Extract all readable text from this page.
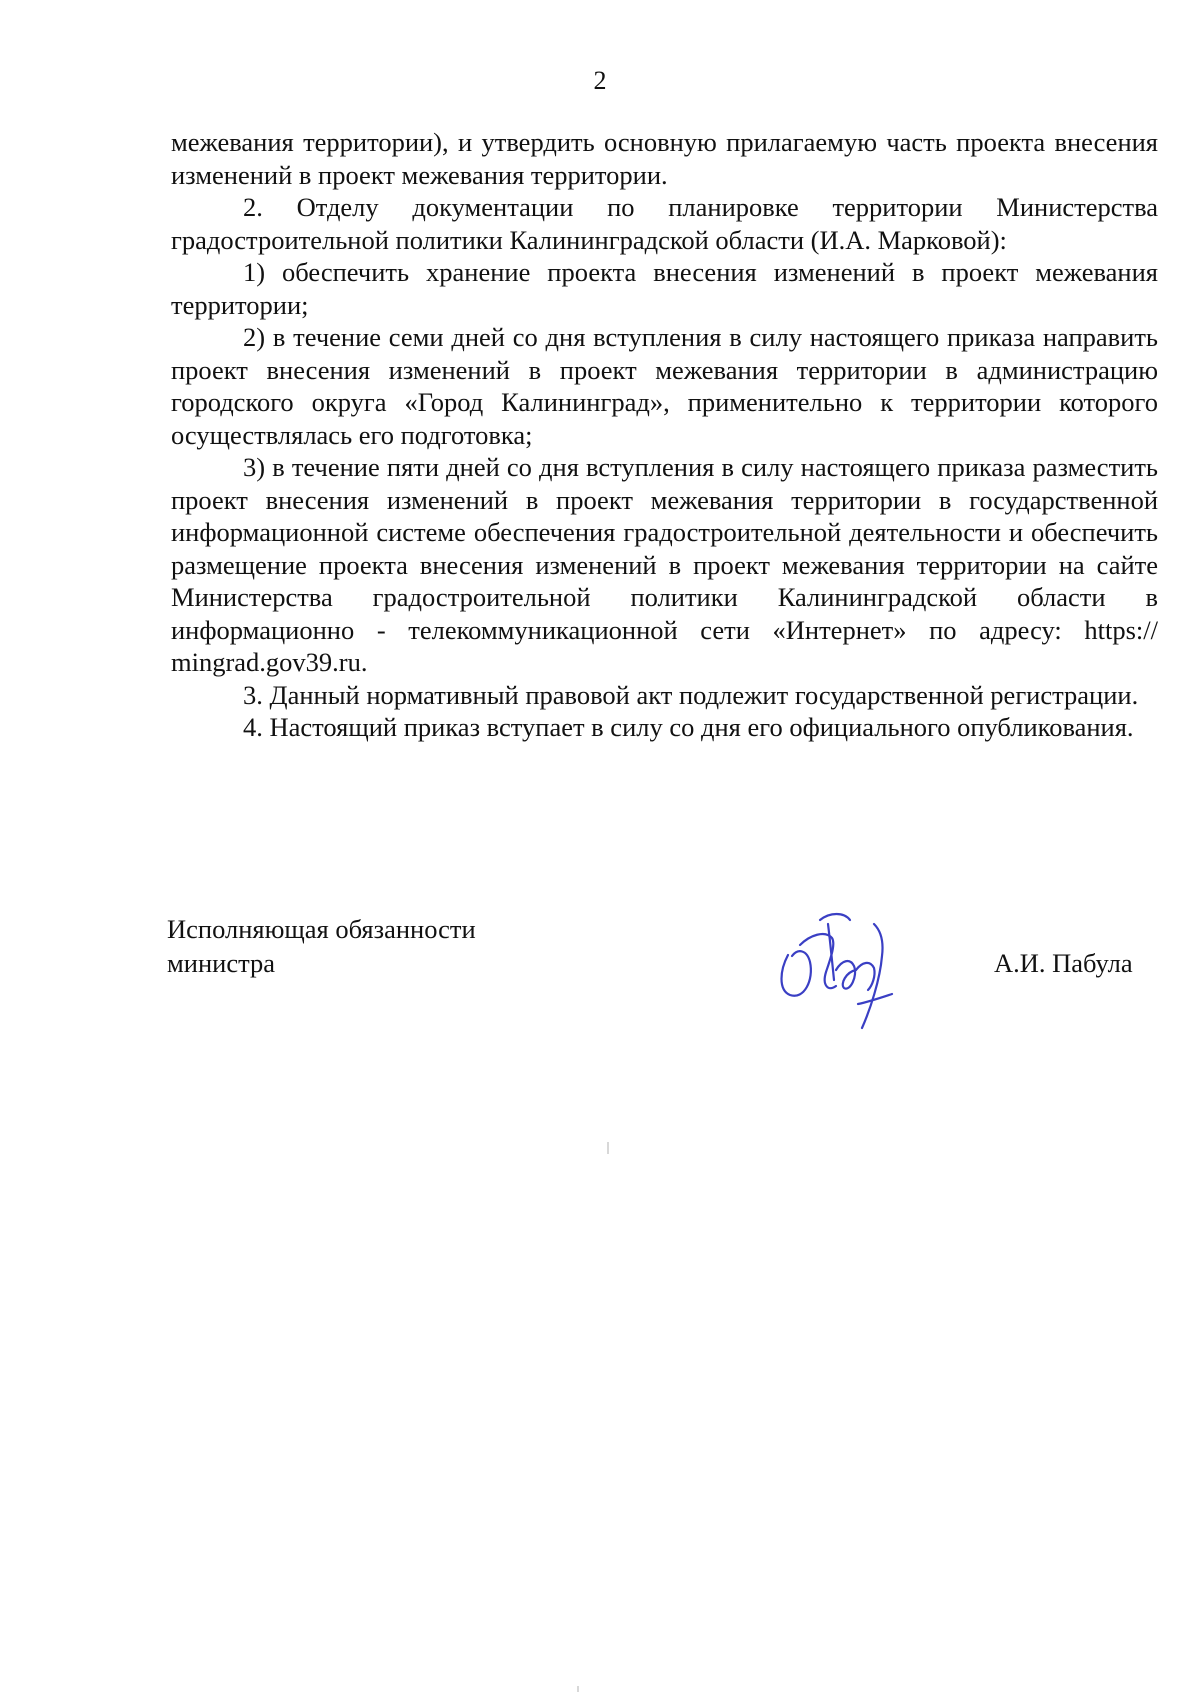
2

межевания территории), и утвердить основную прилагаемую часть проекта внесения изменений в проект межевания территории.

2. Отделу документации по планировке территории Министерства градостроительной политики Калининградской области (И.А. Марковой):

1) обеспечить хранение проекта внесения изменений в проект межевания территории;

2) в течение семи дней со дня вступления в силу настоящего приказа направить проект внесения изменений в проект межевания территории в администрацию городского округа «Город Калининград», применительно к территории которого осуществлялась его подготовка;

3) в течение пяти дней со дня вступления в силу настоящего приказа разместить проект внесения изменений в проект межевания территории в государственной информационной системе обеспечения градостроительной деятельности и обеспечить размещение проекта внесения изменений в проект межевания территории на сайте Министерства градостроительной политики Калининградской области в информационно - телекоммуникационной сети «Интернет» по адресу: https:// mingrad.gov39.ru.

3. Данный нормативный правовой акт подлежит государственной регистрации.

4. Настоящий приказ вступает в силу со дня его официального опубликования.

Исполняющая обязанности
министра	А.И. Пабула
